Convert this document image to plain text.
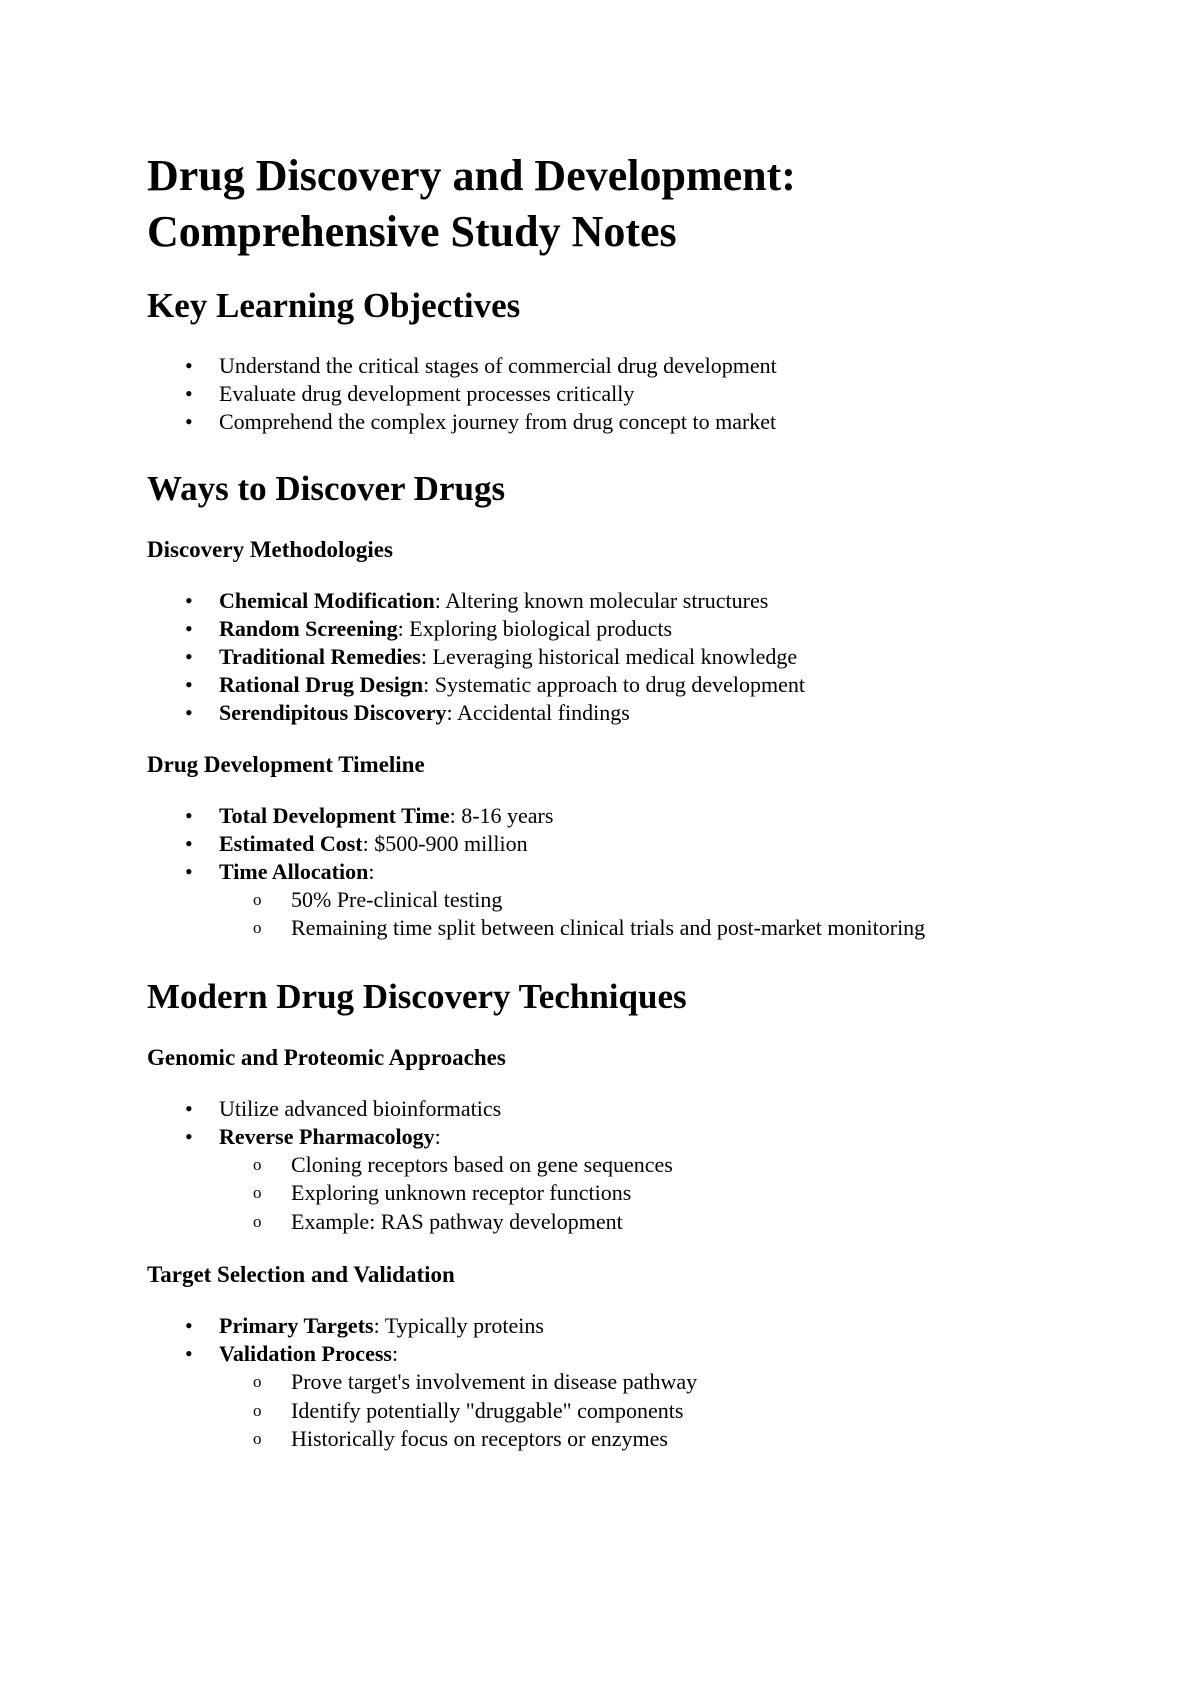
Drug Discovery and Development:
Comprehensive Study Notes
Key Learning Objectives
• Understand the critical stages of commercial drug development
• Evaluate drug development processes critically
• Comprehend the complex journey from drug concept to market
Ways to Discover Drugs
Discovery Methodologies
• Chemical Modification: Altering known molecular structures
• Random Screening: Exploring biological products
• Traditional Remedies: Leveraging historical medical knowledge
• Rational Drug Design: Systematic approach to drug development
• Serendipitous Discovery: Accidental findings
Drug Development Timeline
• Total Development Time: 8-16 years
• Estimated Cost: $500-900 million
• Time Allocation:
o 50% Pre-clinical testing
o Remaining time split between clinical trials and post-market monitoring
Modern Drug Discovery Techniques
Genomic and Proteomic Approaches
• Utilize advanced bioinformatics
• Reverse Pharmacology:
o Cloning receptors based on gene sequences
o Exploring unknown receptor functions
o Example: RAS pathway development
Target Selection and Validation
• Primary Targets: Typically proteins
• Validation Process:
o Prove target's involvement in disease pathway
o Identify potentially "druggable" components
o Historically focus on receptors or enzymes
